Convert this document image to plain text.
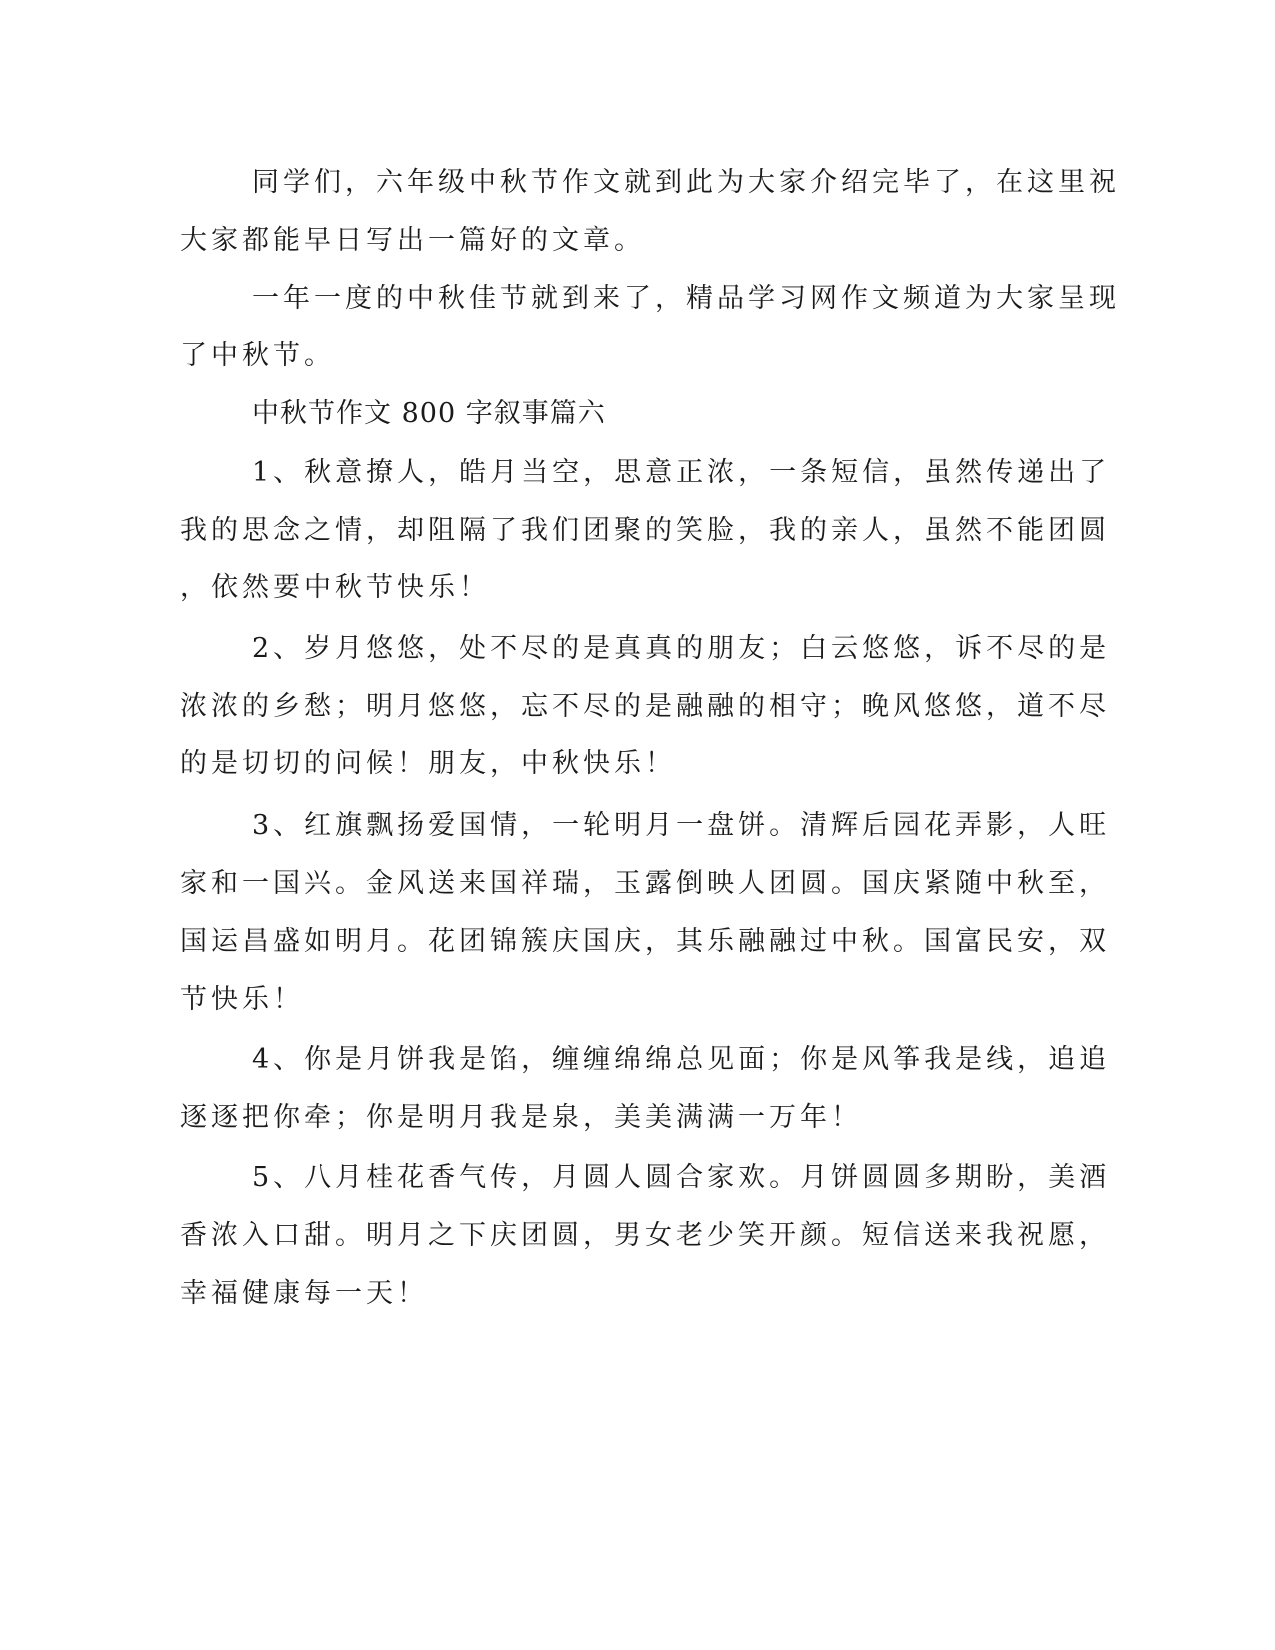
同学们，六年级中秋节作文就到此为大家介绍完毕了，在这里祝

大家都能早日写出一篇好的文章。

一年一度的中秋佳节就到来了，精品学习网作文频道为大家呈现

了中秋节。

中秋节作文 800 字叙事篇六

1、秋意撩人，皓月当空，思意正浓，一条短信，虽然传递出了

我的思念之情，却阻隔了我们团聚的笑脸，我的亲人，虽然不能团圆

，依然要中秋节快乐！

2、岁月悠悠，处不尽的是真真的朋友；白云悠悠，诉不尽的是

浓浓的乡愁；明月悠悠，忘不尽的是融融的相守；晚风悠悠，道不尽

的是切切的问候！朋友，中秋快乐！

3、红旗飘扬爱国情，一轮明月一盘饼。清辉后园花弄影，人旺

家和一国兴。金风送来国祥瑞，玉露倒映人团圆。国庆紧随中秋至，

国运昌盛如明月。花团锦簇庆国庆，其乐融融过中秋。国富民安，双

节快乐！

4、你是月饼我是馅，缠缠绵绵总见面；你是风筝我是线，追追

逐逐把你牵；你是明月我是泉，美美满满一万年！

5、八月桂花香气传，月圆人圆合家欢。月饼圆圆多期盼，美酒

香浓入口甜。明月之下庆团圆，男女老少笑开颜。短信送来我祝愿，

幸福健康每一天！
